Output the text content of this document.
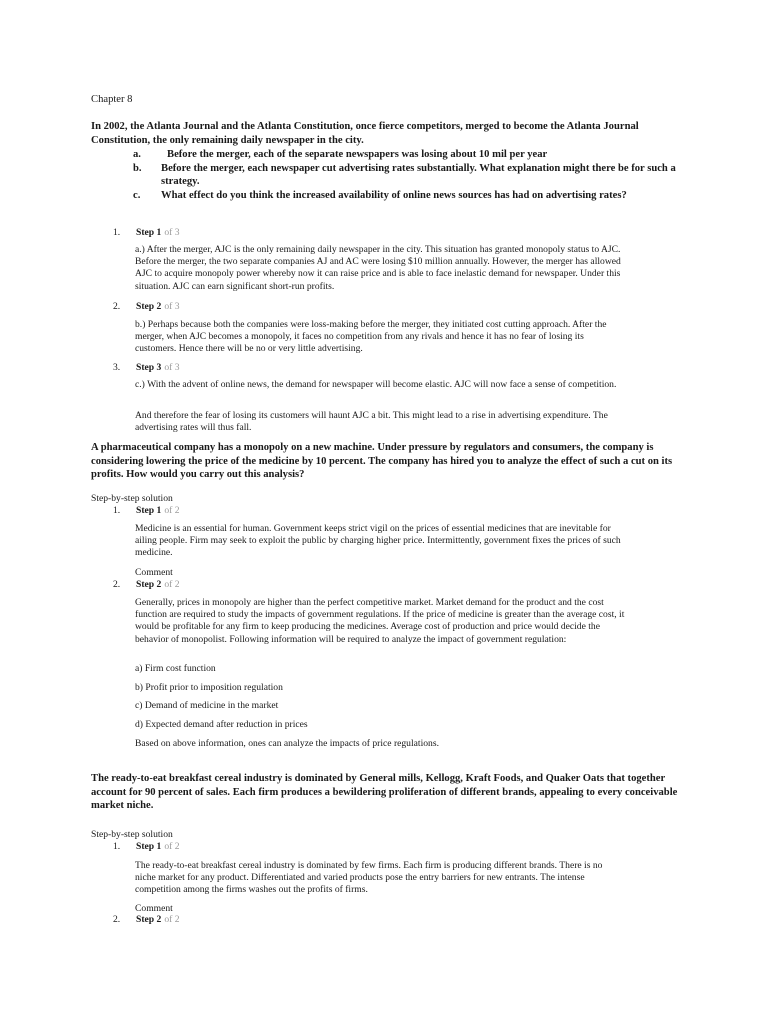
Chapter 8
In 2002, the Atlanta Journal and the Atlanta Constitution, once fierce competitors, merged to become the Atlanta Journal Constitution, the only remaining daily newspaper in the city.
a.	Before the merger, each of the separate newspapers was losing about 10 mil per year
b.	Before the merger, each newspaper cut advertising rates substantially. What explanation might there be for such a strategy.
c.	What effect do you think the increased availability of online news sources has had on advertising rates?
1.	Step 1 of 3
a.) After the merger, AJC is the only remaining daily newspaper in the city. This situation has granted monopoly status to AJC. Before the merger, the two separate companies AJ and AC were losing $10 million annually. However, the merger has allowed AJC to acquire monopoly power whereby now it can raise price and is able to face inelastic demand for newspaper. Under this situation. AJC can earn significant short-run profits.
2.	Step 2 of 3
b.) Perhaps because both the companies were loss-making before the merger, they initiated cost cutting approach. After the merger, when AJC becomes a monopoly, it faces no competition from any rivals and hence it has no fear of losing its customers. Hence there will be no or very little advertising.
3.	Step 3 of 3
c.) With the advent of online news, the demand for newspaper will become elastic. AJC will now face a sense of competition.
And therefore the fear of losing its customers will haunt AJC a bit. This might lead to a rise in advertising expenditure. The advertising rates will thus fall.
A pharmaceutical company has a monopoly on a new machine. Under pressure by regulators and consumers, the company is considering lowering the price of the medicine by 10 percent. The company has hired you to analyze the effect of such a cut on its profits. How would you carry out this analysis?
Step-by-step solution
1.	Step 1 of 2
Medicine is an essential for human. Government keeps strict vigil on the prices of essential medicines that are inevitable for ailing people. Firm may seek to exploit the public by charging higher price. Intermittently, government fixes the prices of such medicine.
Comment
2.	Step 2 of 2
Generally, prices in monopoly are higher than the perfect competitive market. Market demand for the product and the cost function are required to study the impacts of government regulations. If the price of medicine is greater than the average cost, it would be profitable for any firm to keep producing the medicines. Average cost of production and price would decide the behavior of monopolist. Following information will be required to analyze the impact of government regulation:
a) Firm cost function
b) Profit prior to imposition regulation
c) Demand of medicine in the market
d) Expected demand after reduction in prices
Based on above information, ones can analyze the impacts of price regulations.
The ready-to-eat breakfast cereal industry is dominated by General mills, Kellogg, Kraft Foods, and Quaker Oats that together account for 90 percent of sales. Each firm produces a bewildering proliferation of different brands, appealing to every conceivable market niche.
Step-by-step solution
1.	Step 1 of 2
The ready-to-eat breakfast cereal industry is dominated by few firms. Each firm is producing different brands. There is no niche market for any product. Differentiated and varied products pose the entry barriers for new entrants. The intense competition among the firms washes out the profits of firms.
Comment
2.	Step 2 of 2
